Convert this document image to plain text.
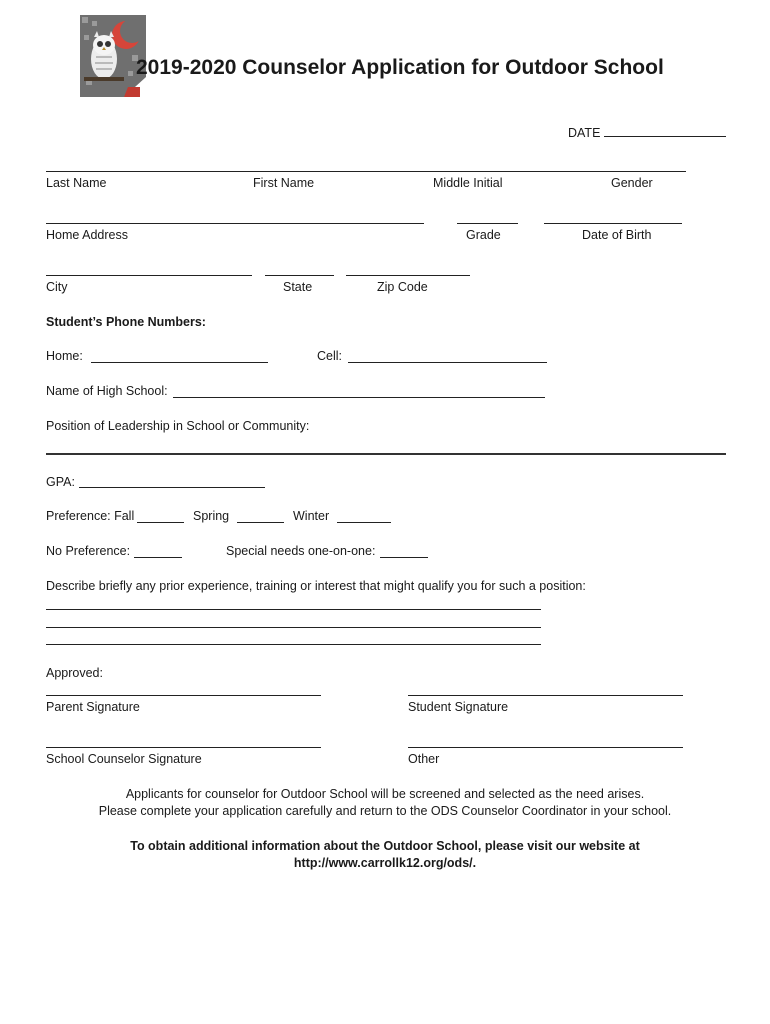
2019-2020 Counselor Application for Outdoor School
DATE
Last Name	First Name	Middle Initial	Gender
Home Address	Grade	Date of Birth
City	State	Zip Code
Student’s Phone Numbers:
Home:	Cell:
Name of High School:
Position of Leadership in School or Community:
GPA:
Preference: Fall	Spring	Winter
No Preference:	Special needs one-on-one:
Describe briefly any prior experience, training or interest that might qualify you for such a position:
Approved:
Parent Signature	Student Signature
School Counselor Signature	Other
Applicants for counselor for Outdoor School will be screened and selected as the need arises.
Please complete your application carefully and return to the ODS Counselor Coordinator in your school.
To obtain additional information about the Outdoor School, please visit our website at
http://www.carrollk12.org/ods/.
